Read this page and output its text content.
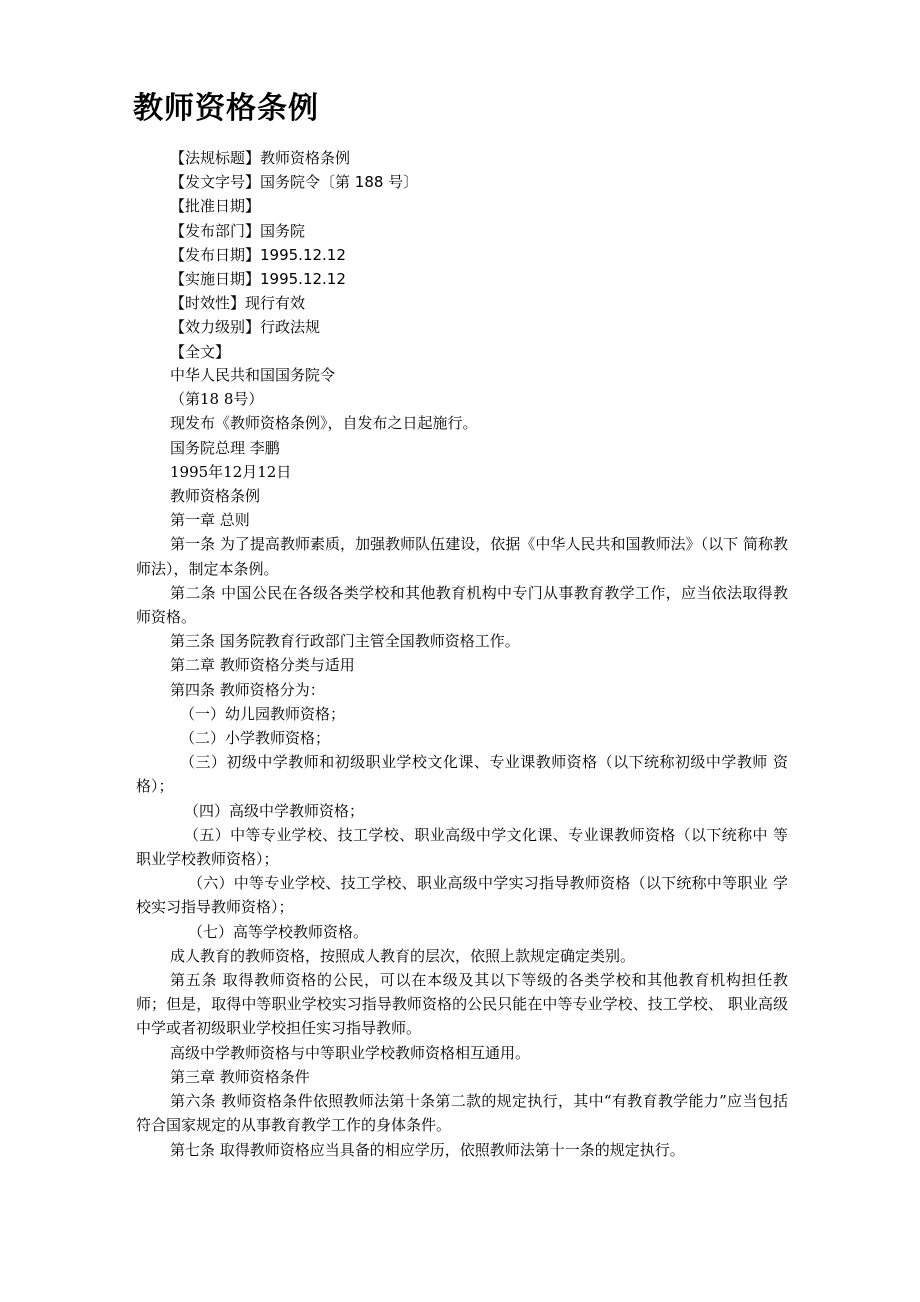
教师资格条例
【法规标题】教师资格条例
【发文字号】国务院令〔第 188 号〕
【批准日期】
【发布部门】国务院
【发布日期】1995.12.12
【实施日期】1995.12.12
【时效性】现行有效
【效力级别】行政法规
【全文】

中华人民共和国国务院令

（第18 8号）

现发布《教师资格条例》，自发布之日起施行。

国务院总理 李鹏

1995年12月12日

教师资格条例

第一章 总则

第一条 为了提高教师素质，加强教师队伍建设，依据《中华人民共和国教师法》（以下 简称教师法），制定本条例。

第二条 中国公民在各级各类学校和其他教育机构中专门从事教育教学工作，应当依法取得教师资格。

第三条 国务院教育行政部门主管全国教师资格工作。

第二章 教师资格分类与适用

第四条 教师资格分为：

（一）幼儿园教师资格；

（二）小学教师资格；

（三）初级中学教师和初级职业学校文化课、专业课教师资格（以下统称初级中学教师 资格）；

（四）高级中学教师资格；

（五）中等专业学校、技工学校、职业高级中学文化课、专业课教师资格（以下统称中 等职业学校教师资格）；

（六）中等专业学校、技工学校、职业高级中学实习指导教师资格（以下统称中等职业 学校实习指导教师资格）；

（七）高等学校教师资格。

成人教育的教师资格，按照成人教育的层次，依照上款规定确定类别。

第五条 取得教师资格的公民，可以在本级及其以下等级的各类学校和其他教育机构担任教师；但是，取得中等职业学校实习指导教师资格的公民只能在中等专业学校、技工学校、 职业高级中学或者初级职业学校担任实习指导教师。

高级中学教师资格与中等职业学校教师资格相互通用。

第三章 教师资格条件

第六条 教师资格条件依照教师法第十条第二款的规定执行，其中“有教育教学能力”应当包括符合国家规定的从事教育教学工作的身体条件。

第七条 取得教师资格应当具备的相应学历，依照教师法第十一条的规定执行。
